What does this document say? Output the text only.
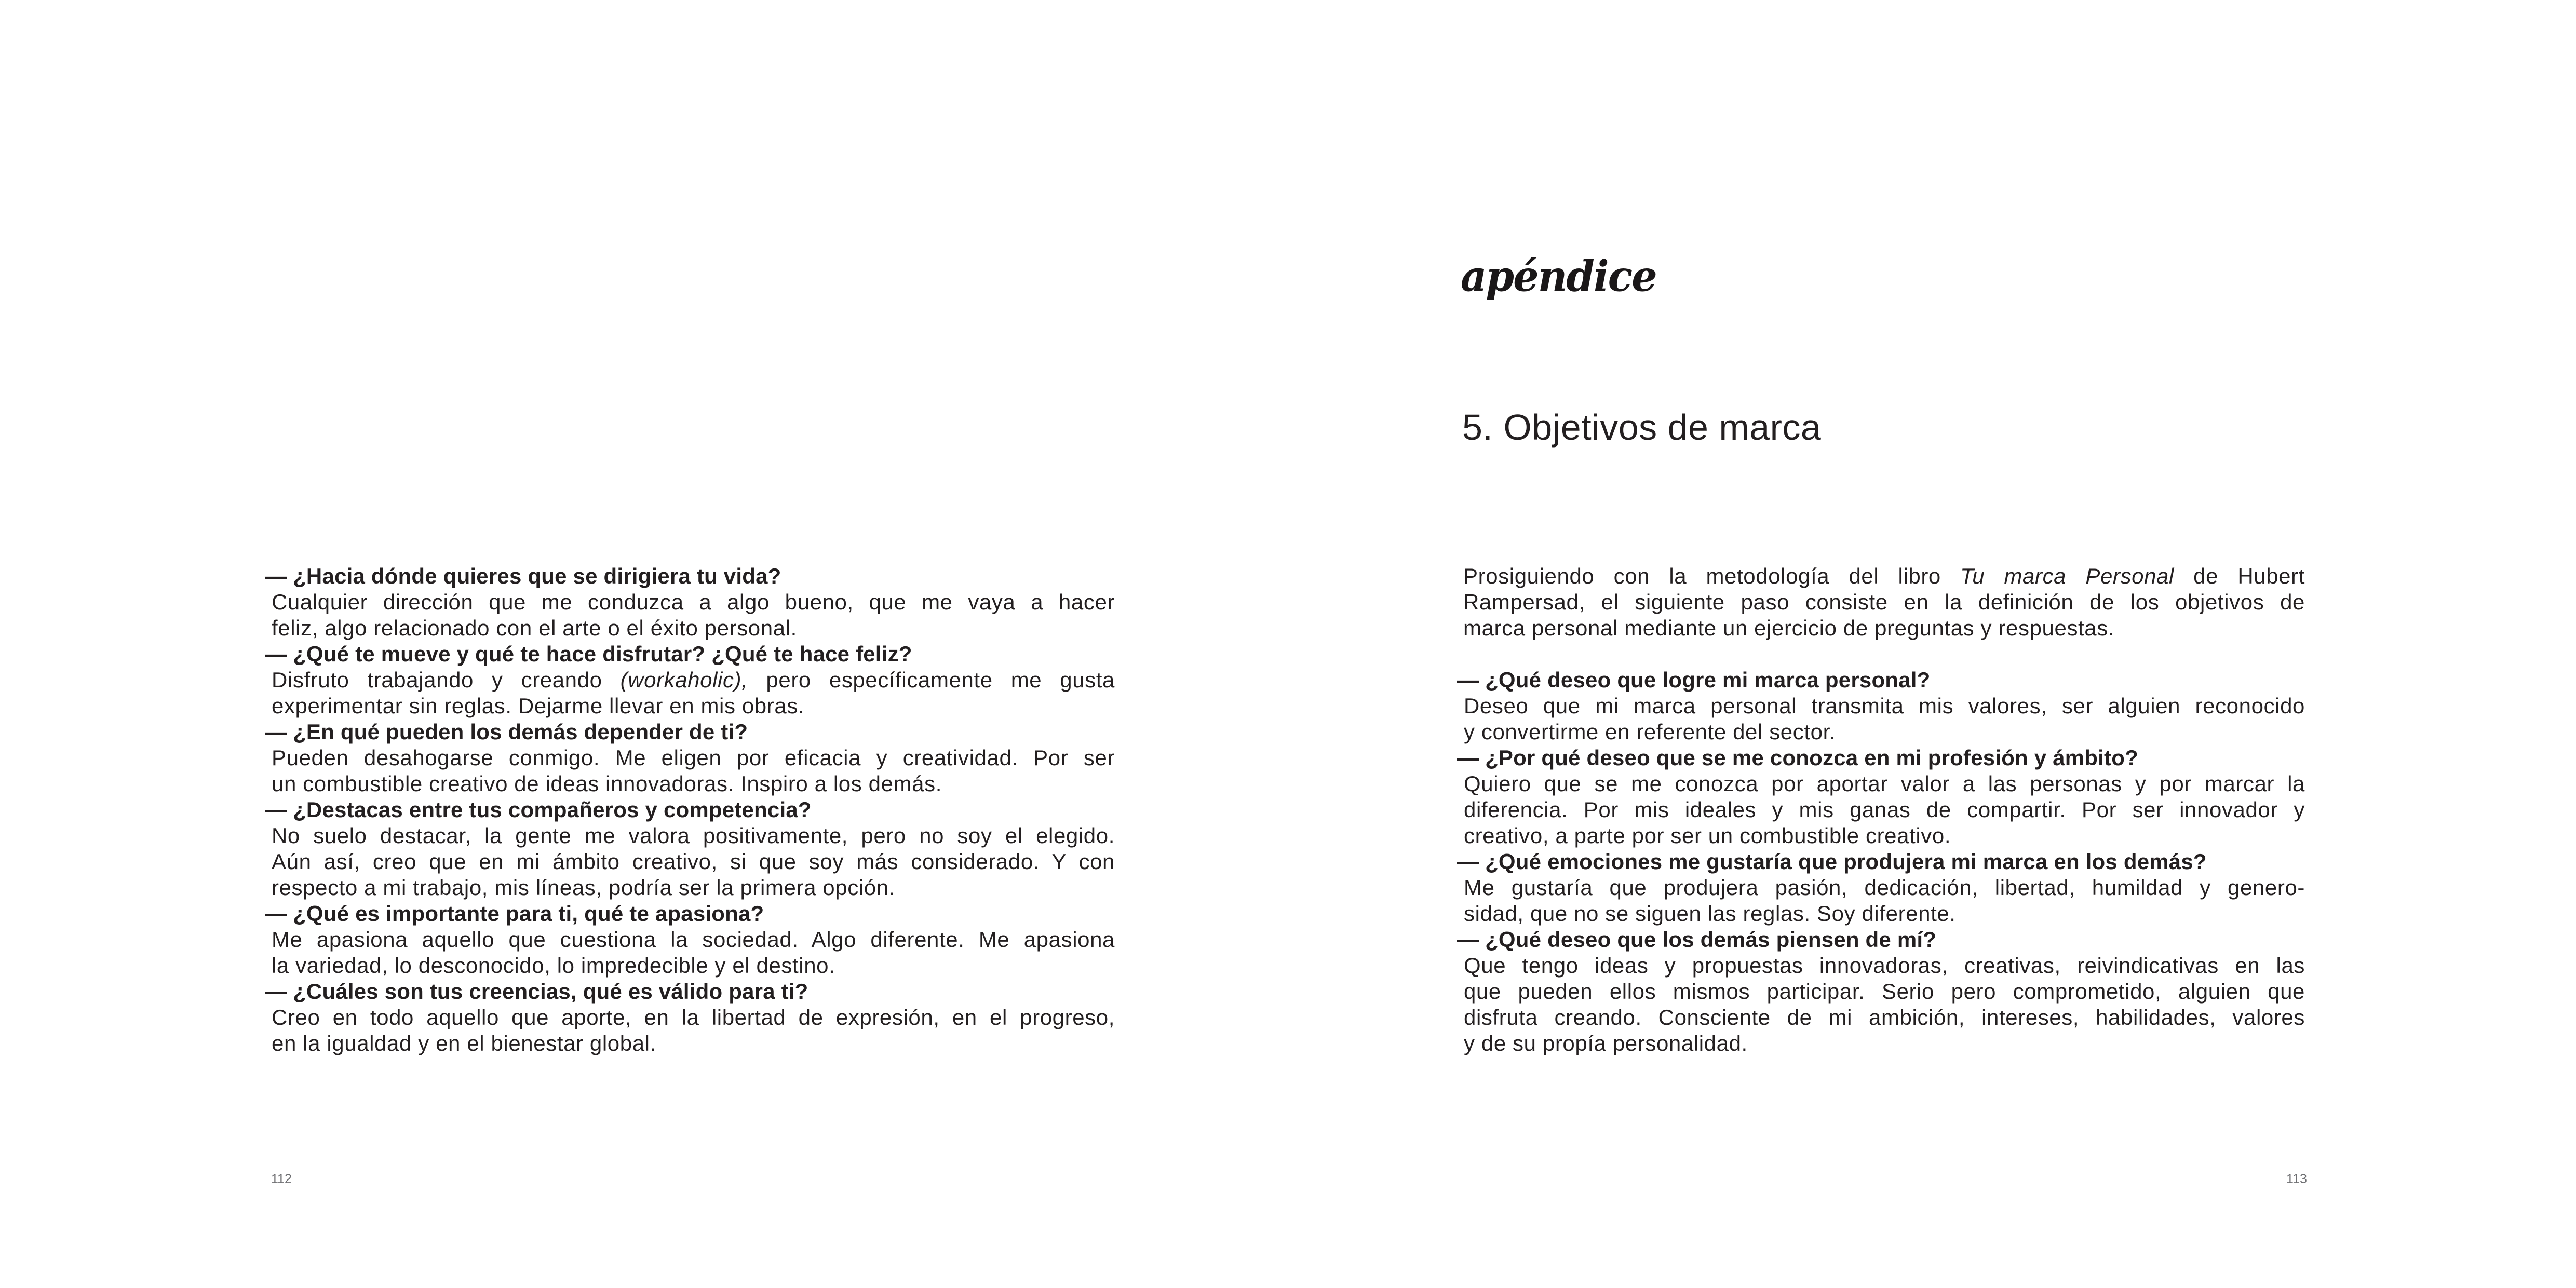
— ¿Hacia dónde quieres que se dirigiera tu vida?
Cualquier dirección que me conduzca a algo bueno, que me vaya a hacer
feliz, algo relacionado con el arte o el éxito personal.
— ¿Qué te mueve y qué te hace disfrutar? ¿Qué te hace feliz?
Disfruto trabajando y creando (workaholic), pero específicamente me gusta
experimentar sin reglas. Dejarme llevar en mis obras.
— ¿En qué pueden los demás depender de ti?
Pueden desahogarse conmigo. Me eligen por eficacia y creatividad. Por ser
un combustible creativo de ideas innovadoras. Inspiro a los demás.
— ¿Destacas entre tus compañeros y competencia?
No suelo destacar, la gente me valora positivamente, pero no soy el elegido.
Aún así, creo que en mi ámbito creativo, si que soy más considerado. Y con
respecto a mi trabajo, mis líneas, podría ser la primera opción.
— ¿Qué es importante para ti, qué te apasiona?
Me apasiona aquello que cuestiona la sociedad. Algo diferente. Me apasiona
la variedad, lo desconocido, lo impredecible y el destino.
— ¿Cuáles son tus creencias, qué es válido para ti?
Creo en todo aquello que aporte, en la libertad de expresión, en el progreso,
en la igualdad y en el bienestar global.
112
apéndice
5. Objetivos de marca
Prosiguiendo con la metodología del libro Tu marca Personal de Hubert
Rampersad, el siguiente paso consiste en la definición de los objetivos de
marca personal mediante un ejercicio de preguntas y respuestas.
— ¿Qué deseo que logre mi marca personal?
Deseo que mi marca personal transmita mis valores, ser alguien reconocido
y convertirme en referente del sector.
— ¿Por qué deseo que se me conozca en mi profesión y ámbito?
Quiero que se me conozca por aportar valor a las personas y por marcar la
diferencia. Por mis ideales y mis ganas de compartir. Por ser innovador y
creativo, a parte por ser un combustible creativo.
— ¿Qué emociones me gustaría que produjera mi marca en los demás?
Me gustaría que produjera pasión, dedicación, libertad, humildad y genero-
sidad, que no se siguen las reglas. Soy diferente.
— ¿Qué deseo que los demás piensen de mí?
Que tengo ideas y propuestas innovadoras, creativas, reivindicativas en las
que pueden ellos mismos participar. Serio pero comprometido, alguien que
disfruta creando. Consciente de mi ambición, intereses, habilidades, valores
y de su propía personalidad.
113
